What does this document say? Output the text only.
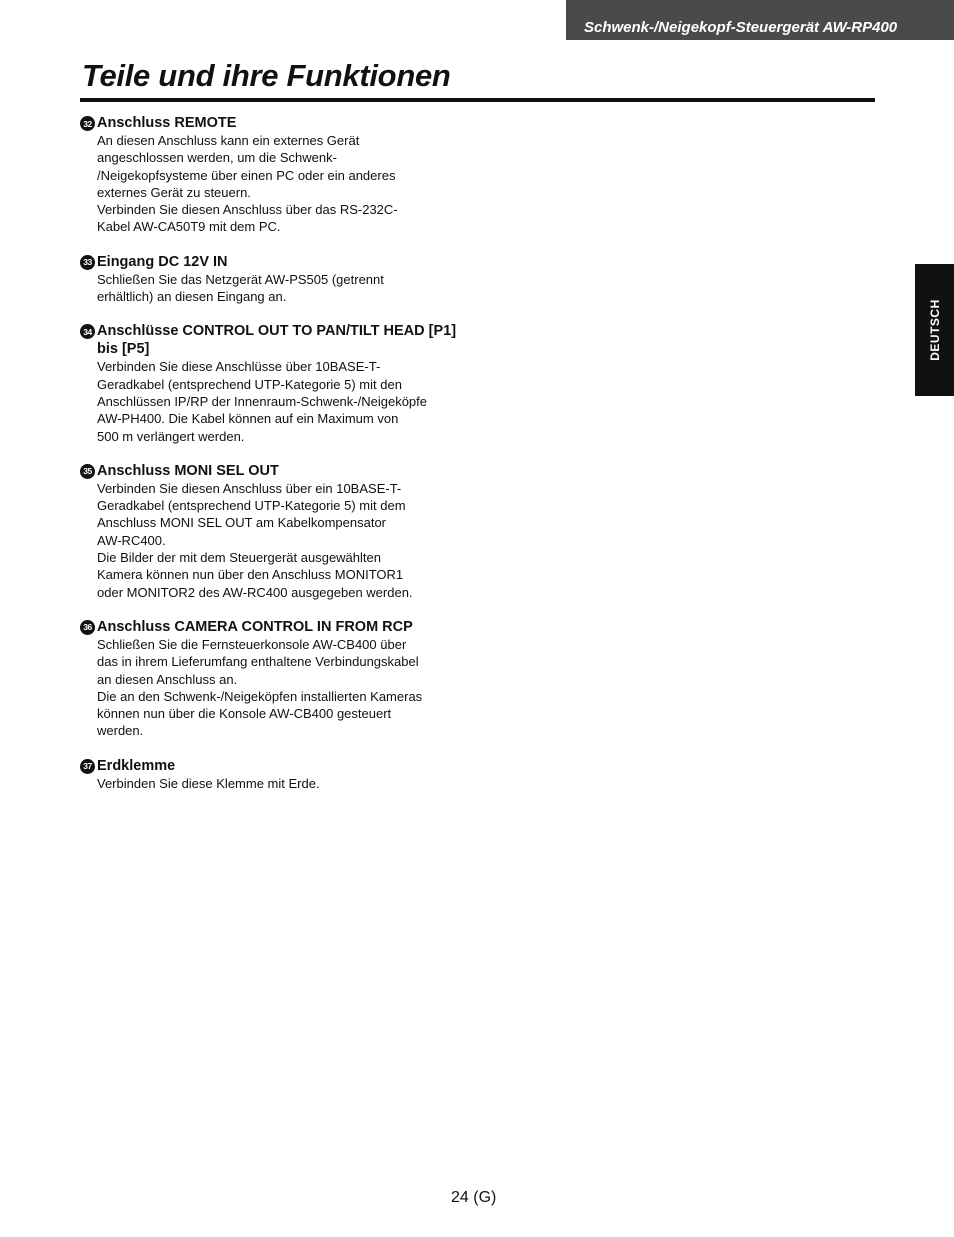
Schwenk-/Neigekopf-Steuergerät AW-RP400
Teile und ihre Funktionen
DEUTSCH
32 Anschluss REMOTE
An diesen Anschluss kann ein externes Gerät
angeschlossen werden, um die Schwenk-
/Neigekopfsysteme über einen PC oder ein anderes
externes Gerät zu steuern.
Verbinden Sie diesen Anschluss über das RS-232C-
Kabel AW-CA50T9 mit dem PC.
33 Eingang DC 12V IN
Schließen Sie das Netzgerät AW-PS505 (getrennt
erhältlich) an diesen Eingang an.
34 Anschlüsse CONTROL OUT TO PAN/TILT HEAD [P1] bis [P5]
Verbinden Sie diese Anschlüsse über 10BASE-T-
Geradkabel (entsprechend UTP-Kategorie 5) mit den
Anschlüssen IP/RP der Innenraum-Schwenk-/Neigeköpfe
AW-PH400. Die Kabel können auf ein Maximum von
500 m verlängert werden.
35 Anschluss MONI SEL OUT
Verbinden Sie diesen Anschluss über ein 10BASE-T-
Geradkabel (entsprechend UTP-Kategorie 5) mit dem
Anschluss MONI SEL OUT am Kabelkompensator
AW-RC400.
Die Bilder der mit dem Steuergerät ausgewählten
Kamera können nun über den Anschluss MONITOR1
oder MONITOR2 des AW-RC400 ausgegeben werden.
36 Anschluss CAMERA CONTROL IN FROM RCP
Schließen Sie die Fernsteuerkonsole AW-CB400 über
das in ihrem Lieferumfang enthaltene Verbindungskabel
an diesen Anschluss an.
Die an den Schwenk-/Neigeköpfen installierten Kameras
können nun über die Konsole AW-CB400 gesteuert
werden.
37 Erdklemme
Verbinden Sie diese Klemme mit Erde.
24 (G)
